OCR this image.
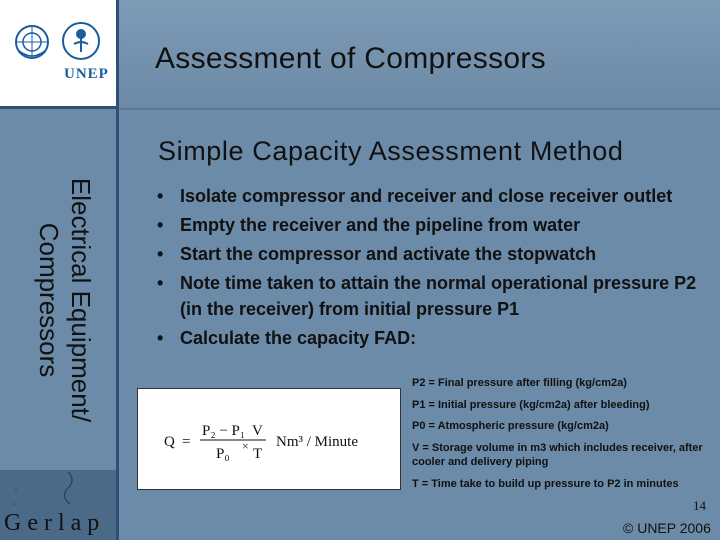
UNEP
Gerlap
Assessment of Compressors
Electrical Equipment/ Compressors
Simple Capacity Assessment Method
• Isolate compressor and receiver and close receiver outlet
• Empty the receiver and the pipeline from water
• Start the compressor and activate the stopwatch
• Note time taken to attain the normal operational pressure P2 (in the receiver) from initial pressure P1
• Calculate the capacity FAD:
Q =
P₂ − P₁
P₀ ×
V
T
Nm³ / Minute
P2 = Final pressure after filling (kg/cm2a)
P1 = Initial pressure (kg/cm2a) after bleeding)
P0 = Atmospheric pressure (kg/cm2a)
V = Storage volume in m3 which includes receiver, after cooler and delivery piping
T = Time take to build up pressure to P2 in minutes
14
© UNEP 2006
